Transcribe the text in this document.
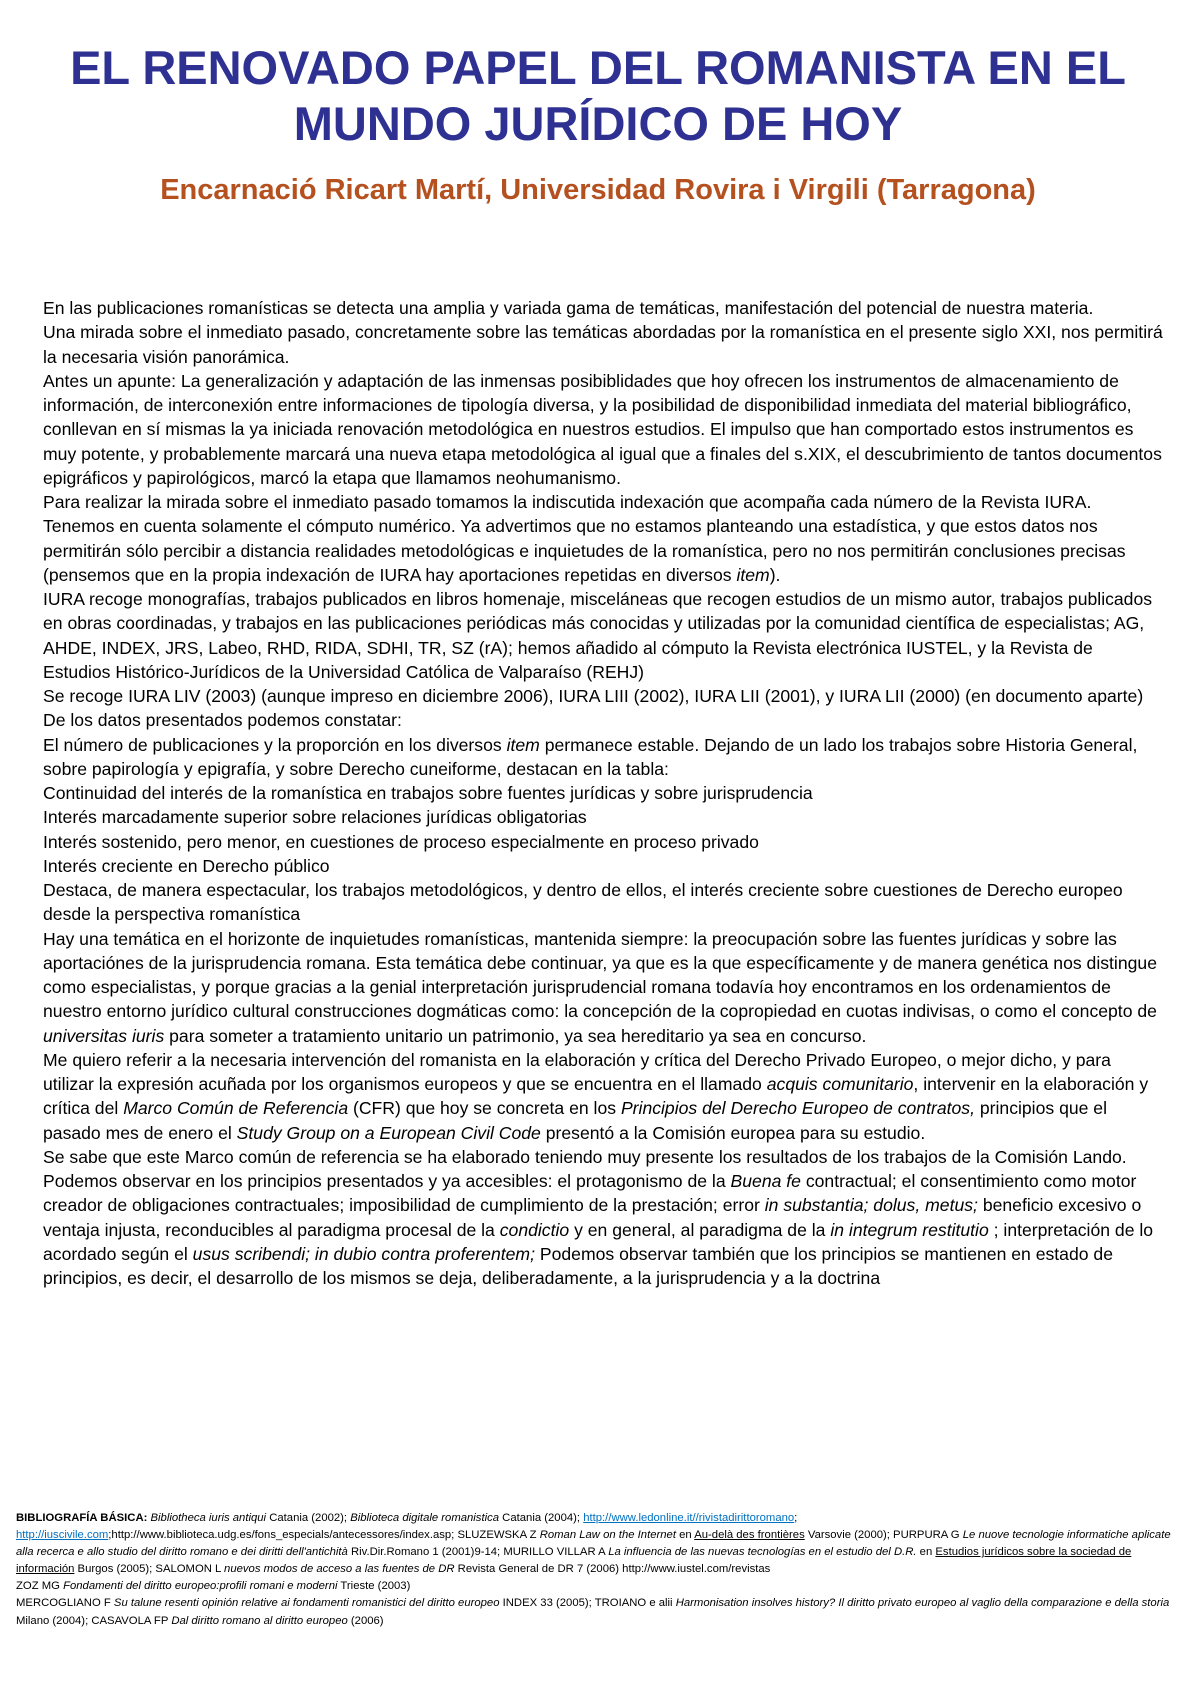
EL RENOVADO PAPEL DEL ROMANISTA EN EL MUNDO JURÍDICO DE HOY
Encarnació Ricart Martí, Universidad Rovira i Virgili (Tarragona)

En las publicaciones romanísticas se detecta una amplia y variada gama de temáticas, manifestación del potencial de nuestra materia.

Una mirada sobre el inmediato pasado, concretamente sobre las temáticas abordadas por la romanística en el presente siglo XXI, nos permitirá la necesaria visión panorámica.

Antes un apunte: La generalización y adaptación de las inmensas posibiblidades que hoy ofrecen los instrumentos de almacenamiento de información, de interconexión entre informaciones de tipología diversa, y la posibilidad de disponibilidad inmediata del material bibliográfico, conllevan en sí mismas la ya iniciada renovación metodológica en nuestros estudios. El impulso que han comportado estos instrumentos es muy potente, y probablemente marcará una nueva etapa metodológica al igual que a finales del s.XIX, el descubrimiento de tantos documentos epigráficos y papirológicos, marcó la etapa que llamamos neohumanismo.

Para realizar la mirada sobre el inmediato pasado tomamos la indiscutida indexación que acompaña cada número de la Revista IURA. Tenemos en cuenta solamente el cómputo numérico. Ya advertimos que no estamos planteando una estadística, y que estos datos nos permitirán sólo percibir a distancia realidades metodológicas e inquietudes de la romanística, pero no nos permitirán conclusiones precisas (pensemos que en la propia indexación de IURA hay aportaciones repetidas en diversos item).

IURA recoge monografías, trabajos publicados en libros homenaje, misceláneas que recogen estudios de un mismo autor, trabajos publicados en obras coordinadas, y trabajos en las publicaciones periódicas más conocidas y utilizadas por la comunidad científica de especialistas; AG, AHDE, INDEX, JRS, Labeo, RHD, RIDA, SDHI, TR, SZ (rA); hemos añadido al cómputo la Revista electrónica IUSTEL, y la Revista de Estudios Histórico-Jurídicos de la Universidad Católica de Valparaíso (REHJ)

Se recoge IURA LIV (2003) (aunque impreso en diciembre 2006), IURA LIII (2002), IURA LII (2001), y IURA LII (2000) (en documento aparte)

De los datos presentados podemos constatar:

El número de publicaciones y la proporción en los diversos item permanece estable. Dejando de un lado los trabajos sobre Historia General, sobre papirología y epigrafía, y sobre Derecho cuneiforme, destacan en la tabla:

Continuidad del interés de la romanística en trabajos sobre fuentes jurídicas y sobre jurisprudencia

Interés marcadamente superior sobre relaciones jurídicas obligatorias

Interés sostenido, pero menor, en cuestiones de proceso especialmente en proceso privado

Interés creciente en Derecho público

Destaca, de manera espectacular, los trabajos metodológicos, y dentro de ellos, el interés creciente sobre cuestiones de Derecho europeo desde la perspectiva romanística

Hay una temática en el horizonte de inquietudes romanísticas, mantenida siempre: la preocupación sobre las fuentes jurídicas y sobre las aportaciónes de la jurisprudencia romana. Esta temática debe continuar, ya que es la que específicamente y de manera genética nos distingue como especialistas, y porque gracias a la genial interpretación jurisprudencial romana todavía hoy encontramos en los ordenamientos de nuestro entorno jurídico cultural construcciones dogmáticas como: la concepción de la copropiedad en cuotas indivisas, o como el concepto de universitas iuris para someter a tratamiento unitario un patrimonio, ya sea hereditario ya sea en concurso.

Me quiero referir a la necesaria intervención del romanista en la elaboración y crítica del Derecho Privado Europeo, o mejor dicho, y para utilizar la expresión acuñada por los organismos europeos y que se encuentra en el llamado acquis comunitario, intervenir en la elaboración y crítica del Marco Común de Referencia (CFR) que hoy se concreta en los Principios del Derecho Europeo de contratos, principios que el pasado mes de enero el Study Group on a European Civil Code presentó a la Comisión europea para su estudio.

Se sabe que este Marco común de referencia se ha elaborado teniendo muy presente los resultados de los trabajos de la Comisión Lando. Podemos observar en los principios presentados y ya accesibles: el protagonismo de la Buena fe contractual; el consentimiento como motor creador de obligaciones contractuales; imposibilidad de cumplimiento de la prestación; error in substantia; dolus, metus; beneficio excesivo o ventaja injusta, reconducibles al paradigma procesal de la condictio y en general, al paradigma de la in integrum restitutio ; interpretación de lo acordado según el usus scribendi; in dubio contra proferentem; Podemos observar también que los principios se mantienen en estado de principios, es decir, el desarrollo de los mismos se deja, deliberadamente, a la jurisprudencia y a la doctrina

BIBLIOGRAFÍA BÁSICA: Bibliotheca iuris antiqui Catania (2002); Biblioteca digitale romanistica Catania (2004); http://www.ledonline.it//rivistadirittoromano; http://iuscivile.com;http://www.biblioteca.udg.es/fons_especials/antecessores/index.asp; SLUZEWSKA Z Roman Law on the Internet en Au-delà des frontières Varsovie (2000); PURPURA G Le nuove tecnologie informatiche aplicate alla recerca e allo studio del diritto romano e dei diritti dell'antichità Riv.Dir.Romano 1 (2001)9-14; MURILLO VILLAR A La influencia de las nuevas tecnologías en el estudio del D.R. en Estudios jurídicos sobre la sociedad de información Burgos (2005); SALOMON L nuevos modos de acceso a las fuentes de DR Revista General de DR 7 (2006) http://www.iustel.com/revistas

ZOZ MG Fondamenti del diritto europeo:profili romani e moderni Trieste (2003)

MERCOGLIANO F Su talune resenti opinión relative ai fondamenti romanistici del diritto europeo INDEX 33 (2005); TROIANO e alii Harmonisation insolves history? Il diritto privato europeo al vaglio della comparazione e della storia Milano (2004); CASAVOLA FP Dal diritto romano al diritto europeo (2006)
